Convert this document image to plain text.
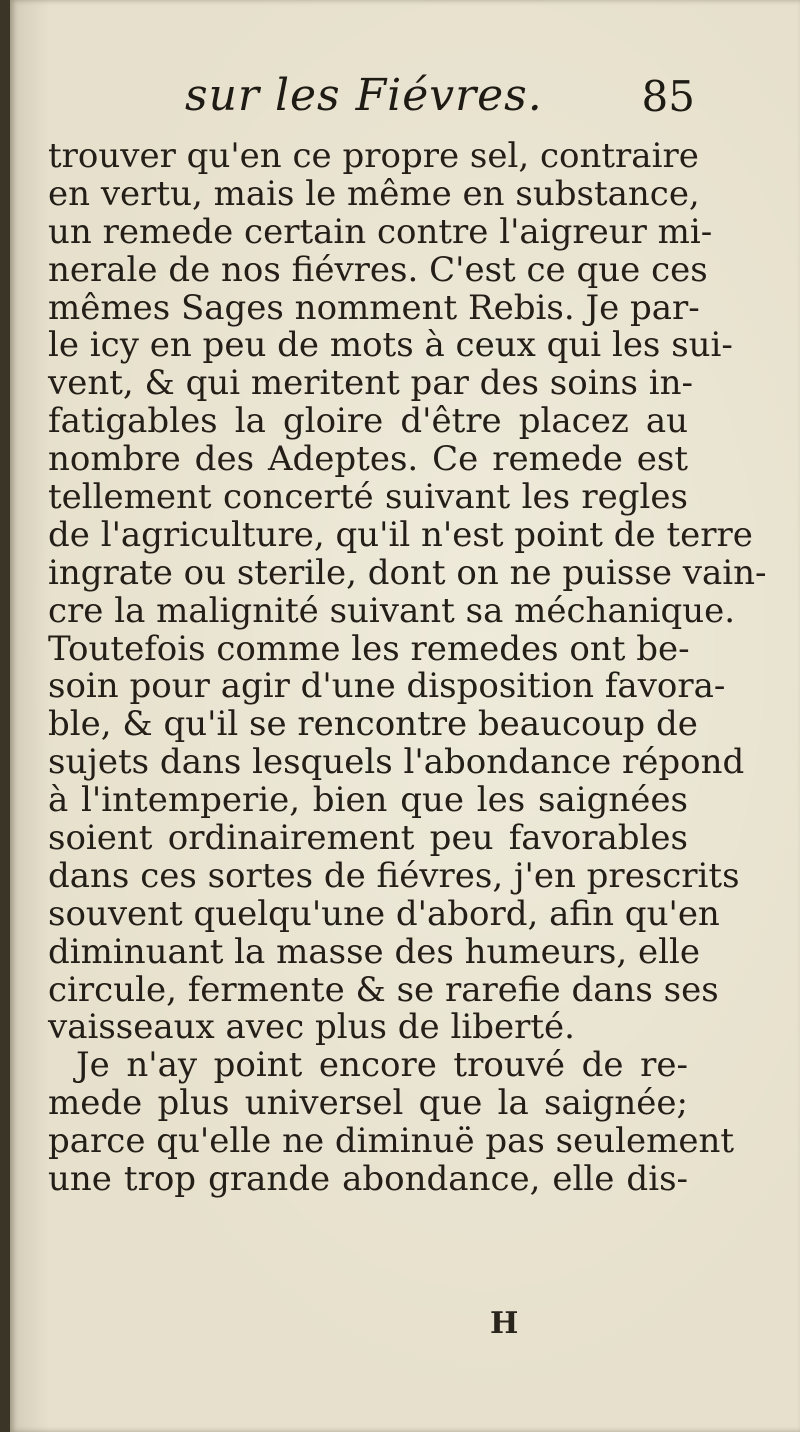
sur les Fiévres. 85
trouver qu'en ce propre sel, contraire
en vertu, mais le même en substance,
un remede certain contre l'aigreur mi-
nerale de nos fiévres. C'est ce que ces
mêmes Sages nomment Rebis. Je par-
le icy en peu de mots à ceux qui les sui-
vent, & qui meritent par des soins in-
fatigables la gloire d'être placez au
nombre des Adeptes. Ce remede est
tellement concerté suivant les regles
de l'agriculture, qu'il n'est point de terre
ingrate ou sterile, dont on ne puisse vain-
cre la malignité suivant sa méchanique.
Toutefois comme les remedes ont be-
soin pour agir d'une disposition favora-
ble, & qu'il se rencontre beaucoup de
sujets dans lesquels l'abondance répond
à l'intemperie, bien que les saignées
soient ordinairement peu favorables
dans ces sortes de fiévres, j'en prescrits
souvent quelqu'une d'abord, afin qu'en
diminuant la masse des humeurs, elle
circule, fermente & se rarefie dans ses
vaisseaux avec plus de liberté.
Je n'ay point encore trouvé de re-
mede plus universel que la saignée;
parce qu'elle ne diminuë pas seulement
une trop grande abondance, elle dis-
H
